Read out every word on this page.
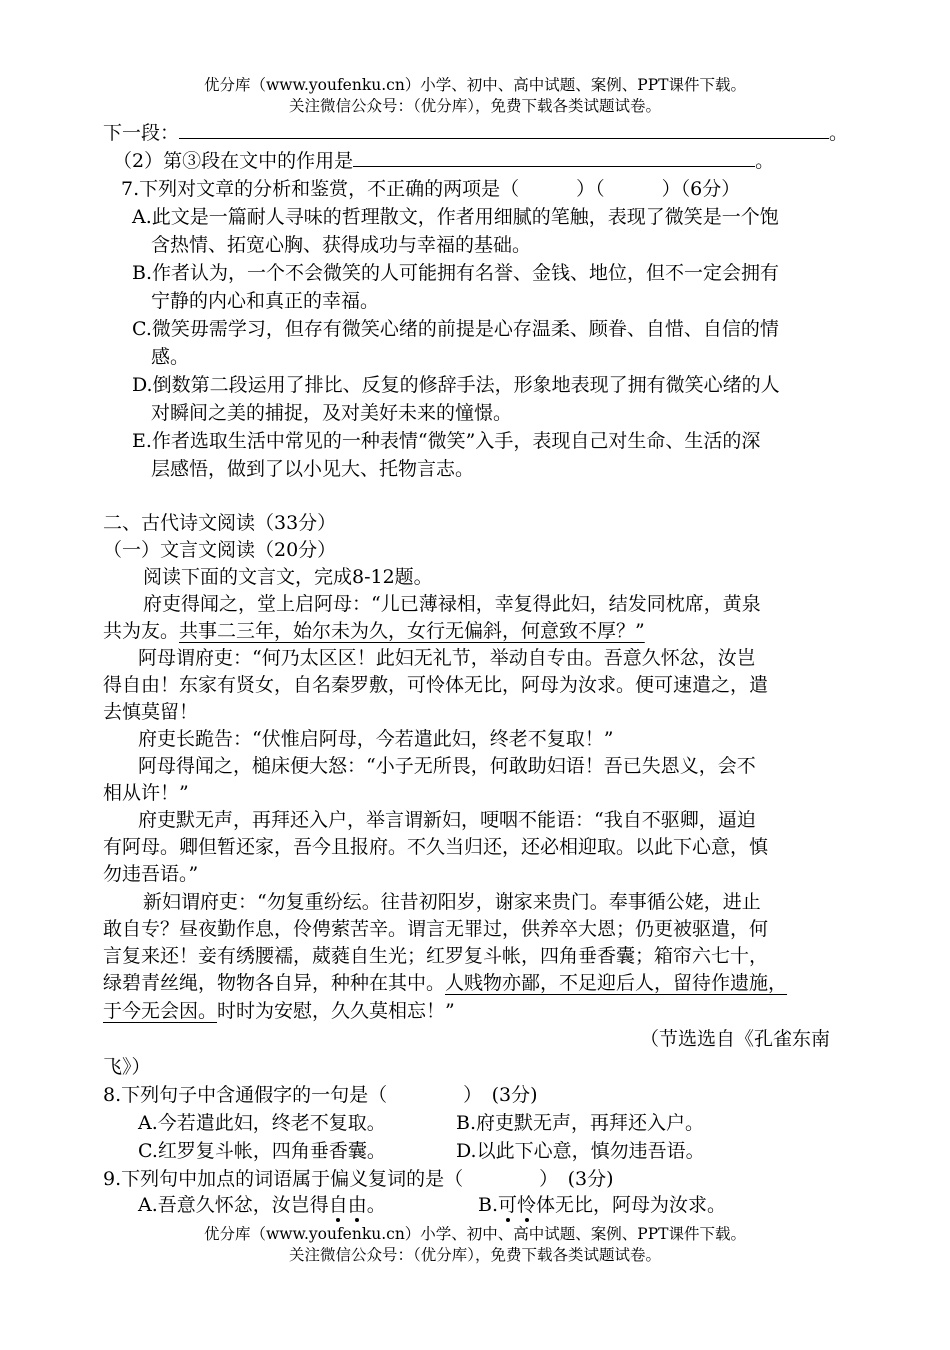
优分库（www.youfenku.cn）小学、初中、高中试题、案例、PPT课件下载。
关注微信公众号：（优分库），免费下载各类试题试卷。
下一段：	。
（2）第③段在文中的作用是	。
7.下列对文章的分析和鉴赏，不正确的两项是（　　　）（　　　）（6分）
A.此文是一篇耐人寻味的哲理散文，作者用细腻的笔触，表现了微笑是一个饱
含热情、拓宽心胸、获得成功与幸福的基础。
B.作者认为，一个不会微笑的人可能拥有名誉、金钱、地位，但不一定会拥有
宁静的内心和真正的幸福。
C.微笑毋需学习，但存有微笑心绪的前提是心存温柔、顾眷、自惜、自信的情
感。
D.倒数第二段运用了排比、反复的修辞手法，形象地表现了拥有微笑心绪的人
对瞬间之美的捕捉，及对美好未来的憧憬。
E.作者选取生活中常见的一种表情“微笑”入手，表现自己对生命、生活的深
层感悟，做到了以小见大、托物言志。
二、古代诗文阅读（33分）
（一）文言文阅读（20分）
阅读下面的文言文，完成8-12题。
府吏得闻之，堂上启阿母：“儿已薄禄相，幸复得此妇，结发同枕席，黄泉
共为友。共事二三年，始尔未为久，女行无偏斜，何意致不厚？”
阿母谓府吏：“何乃太区区！此妇无礼节，举动自专由。吾意久怀忿，汝岂
得自由！东家有贤女，自名秦罗敷，可怜体无比，阿母为汝求。便可速遣之，遣
去慎莫留！
府吏长跪告：“伏惟启阿母，今若遣此妇，终老不复取！”
阿母得闻之，槌床便大怒：“小子无所畏，何敢助妇语！吾已失恩义，会不
相从许！”
府吏默无声，再拜还入户，举言谓新妇，哽咽不能语：“我自不驱卿，逼迫
有阿母。卿但暂还家，吾今且报府。不久当归还，还必相迎取。以此下心意，慎
勿违吾语。”
新妇谓府吏：“勿复重纷纭。往昔初阳岁，谢家来贵门。奉事循公姥，进止
敢自专？昼夜勤作息，伶俜萦苦辛。谓言无罪过，供养卒大恩；仍更被驱遣，何
言复来还！妾有绣腰襦，葳蕤自生光；红罗复斗帐，四角垂香囊；箱帘六七十，
绿碧青丝绳，物物各自异，种种在其中。人贱物亦鄙，不足迎后人，留待作遗施，
于今无会因。时时为安慰，久久莫相忘！”
（节选选自《孔雀东南
飞》）
8.下列句子中含通假字的一句是（　　　　）　(3分)
A.今若遣此妇，终老不复取。	B.府吏默无声，再拜还入户。
C.红罗复斗帐，四角垂香囊。	D.以此下心意，慎勿违吾语。
9.下列句中加点的词语属于偏义复词的是（　　　　）　(3分)
A.吾意久怀忿，汝岂得自由。	B.可怜体无比，阿母为汝求。
优分库（www.youfenku.cn）小学、初中、高中试题、案例、PPT课件下载。
关注微信公众号：（优分库），免费下载各类试题试卷。
